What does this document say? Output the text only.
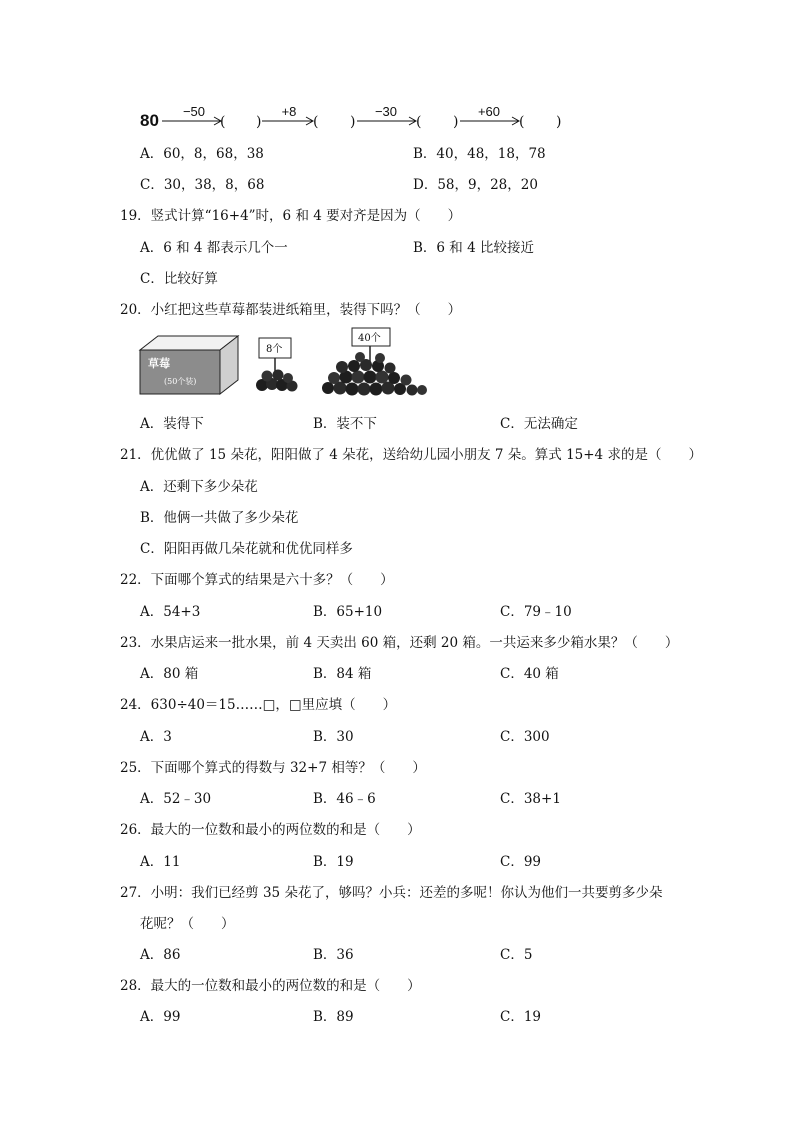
80	−50
( )
+8
( )
−30
( )
+60
( )
A．60，8，68，38	B．40，48，18，78
C．30，38，8，68	D．58，9，28，20
19．竖式计算“16+4”时，6 和 4 要对齐是因为（　　）
A．6 和 4 都表示几个一	B．6 和 4 比较接近
C．比较好算
20．小红把这些草莓都装进纸箱里，装得下吗？（　　）
草莓
(50个装)
8个
40个
A．装得下	B．装不下	C．无法确定
21．优优做了 15 朵花，阳阳做了 4 朵花，送给幼儿园小朋友 7 朵。算式 15+4 求的是（　　）
A．还剩下多少朵花
B．他俩一共做了多少朵花
C．阳阳再做几朵花就和优优同样多
22．下面哪个算式的结果是六十多？（　　）
A．54+3	B．65+10	C．79﹣10
23．水果店运来一批水果，前 4 天卖出 60 箱，还剩 20 箱。一共运来多少箱水果？（　　）
A．80 箱	B．84 箱	C．40 箱
24．630÷40＝15……□，□里应填（　　）
A．3	B．30	C．300
25．下面哪个算式的得数与 32+7 相等？（　　）
A．52﹣30	B．46﹣6	C．38+1
26．最大的一位数和最小的两位数的和是（　　）
A．11	B．19	C．99
27．小明：我们已经剪 35 朵花了，够吗？小兵：还差的多呢！你认为他们一共要剪多少朵
花呢？（　　）
A．86	B．36	C．5
28．最大的一位数和最小的两位数的和是（　　）
A．99	B．89	C．19
